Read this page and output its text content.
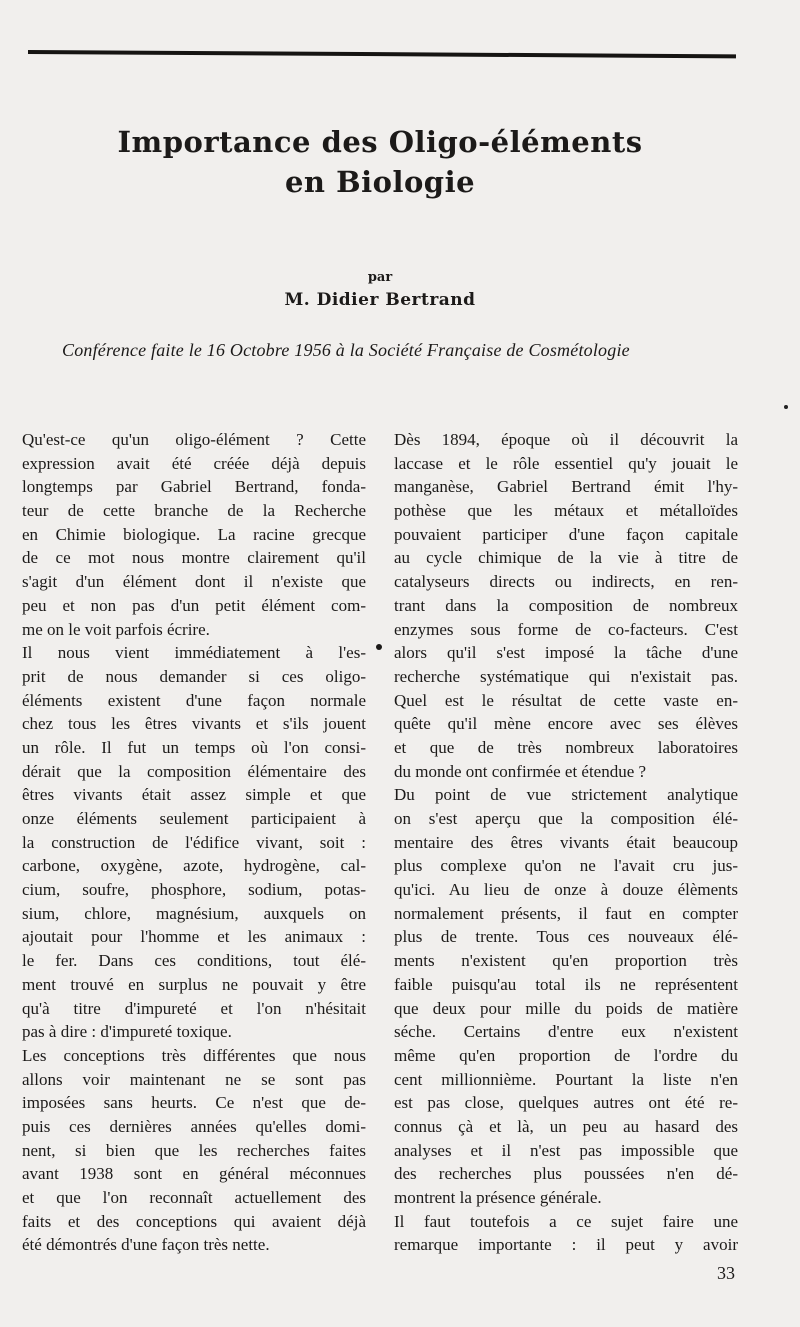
Importance des Oligo-éléments
en Biologie
par
M. Didier Bertrand
Conférence faite le 16 Octobre 1956 à la Société Française de Cosmétologie
Qu'est-ce qu'un oligo-élément ? Cette
expression avait été créée déjà depuis
longtemps par Gabriel Bertrand, fonda-
teur de cette branche de la Recherche
en Chimie biologique. La racine grecque
de ce mot nous montre clairement qu'il
s'agit d'un élément dont il n'existe que
peu et non pas d'un petit élément com-
me on le voit parfois écrire.
Il nous vient immédiatement à l'es-
prit de nous demander si ces oligo-
éléments existent d'une façon normale
chez tous les êtres vivants et s'ils jouent
un rôle. Il fut un temps où l'on consi-
dérait que la composition élémentaire des
êtres vivants était assez simple et que
onze éléments seulement participaient à
la construction de l'édifice vivant, soit :
carbone, oxygène, azote, hydrogène, cal-
cium, soufre, phosphore, sodium, potas-
sium, chlore, magnésium, auxquels on
ajoutait pour l'homme et les animaux :
le fer. Dans ces conditions, tout élé-
ment trouvé en surplus ne pouvait y être
qu'à titre d'impureté et l'on n'hésitait
pas à dire : d'impureté toxique.
Les conceptions très différentes que nous
allons voir maintenant ne se sont pas
imposées sans heurts. Ce n'est que de-
puis ces dernières années qu'elles domi-
nent, si bien que les recherches faites
avant 1938 sont en général méconnues
et que l'on reconnaît actuellement des
faits et des conceptions qui avaient déjà
été démontrés d'une façon très nette.
Dès 1894, époque où il découvrit la
laccase et le rôle essentiel qu'y jouait le
manganèse, Gabriel Bertrand émit l'hy-
pothèse que les métaux et métalloïdes
pouvaient participer d'une façon capitale
au cycle chimique de la vie à titre de
catalyseurs directs ou indirects, en ren-
trant dans la composition de nombreux
enzymes sous forme de co-facteurs. C'est
alors qu'il s'est imposé la tâche d'une
recherche systématique qui n'existait pas.
Quel est le résultat de cette vaste en-
quête qu'il mène encore avec ses élèves
et que de très nombreux laboratoires
du monde ont confirmée et étendue ?
Du point de vue strictement analytique
on s'est aperçu que la composition élé-
mentaire des êtres vivants était beaucoup
plus complexe qu'on ne l'avait cru jus-
qu'ici. Au lieu de onze à douze élèments
normalement présents, il faut en compter
plus de trente. Tous ces nouveaux élé-
ments n'existent qu'en proportion très
faible puisqu'au total ils ne représentent
que deux pour mille du poids de matière
séche. Certains d'entre eux n'existent
même qu'en proportion de l'ordre du
cent millionnième. Pourtant la liste n'en
est pas close, quelques autres ont été re-
connus çà et là, un peu au hasard des
analyses et il n'est pas impossible que
des recherches plus poussées n'en dé-
montrent la présence générale.
Il faut toutefois a ce sujet faire une
remarque importante : il peut y avoir
33
